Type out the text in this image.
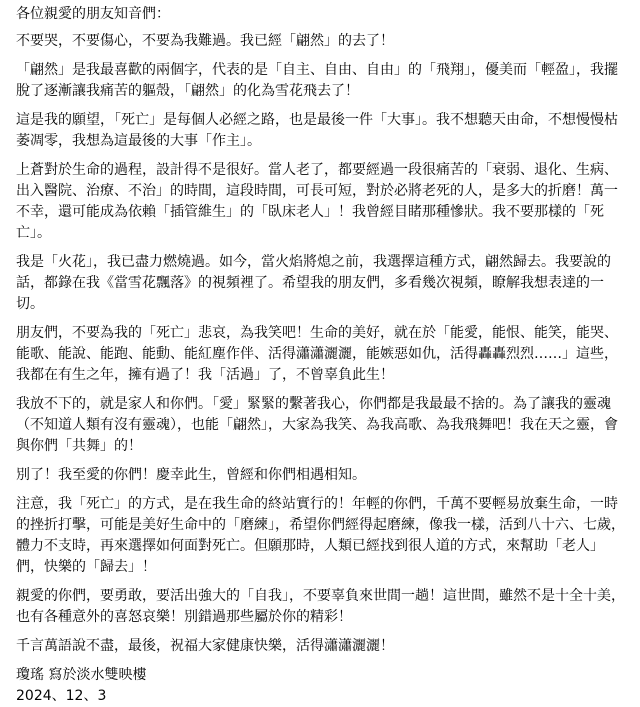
各位親愛的朋友知音們：

不要哭，不要傷心，不要為我難過。我已經「翩然」的去了！

「翩然」是我最喜歡的兩個字，代表的是「自主、自由、自由」的「飛翔」，優美而「輕盈」，我擺脫了逐漸讓我痛苦的軀殼，「翩然」的化為雪花飛去了！

這是我的願望，「死亡」是每個人必經之路，也是最後一件「大事」。我不想聽天由命，不想慢慢枯萎凋零，我想為這最後的大事「作主」。

上蒼對於生命的過程，設計得不是很好。當人老了，都要經過一段很痛苦的「衰弱、退化、生病、出入醫院、治療、不治」的時間，這段時間，可長可短，對於必將老死的人，是多大的折磨！萬一不幸，還可能成為依賴「插管維生」的「臥床老人」！我曾經目睹那種慘狀。我不要那樣的「死亡」。

我是「火花」，我已盡力燃燒過。如今，當火焰將熄之前，我選擇這種方式，翩然歸去。我要說的話，都錄在我《當雪花飄落》的視頻裡了。希望我的朋友們，多看幾次視頻，瞭解我想表達的一切。

朋友們，不要為我的「死亡」悲哀，為我笑吧！生命的美好，就在於「能愛，能恨、能笑，能哭、能歌、能說、能跑、能動、能紅塵作伴、活得瀟瀟灑灑，能嫉惡如仇，活得轟轟烈烈……」這些，我都在有生之年，擁有過了！我「活過」了，不曾辜負此生！

我放不下的，就是家人和你們。「愛」緊緊的繫著我心，你們都是我最最不捨的。為了讓我的靈魂（不知道人類有沒有靈魂），也能「翩然」，大家為我笑、為我高歌、為我飛舞吧！我在天之靈，會與你們「共舞」的！

別了！我至愛的你們！慶幸此生，曾經和你們相遇相知。

注意，我「死亡」的方式，是在我生命的終站實行的！年輕的你們，千萬不要輕易放棄生命，一時的挫折打擊，可能是美好生命中的「磨練」，希望你們經得起磨練，像我一樣，活到八十六、七歲，體力不支時，再來選擇如何面對死亡。但願那時，人類已經找到很人道的方式，來幫助「老人」們，快樂的「歸去」！

親愛的你們，要勇敢，要活出強大的「自我」，不要辜負來世間一趟！這世間，雖然不是十全十美，也有各種意外的喜怒哀樂！別錯過那些屬於你的精彩！

千言萬語說不盡，最後，祝福大家健康快樂，活得瀟瀟灑灑！

瓊瑤 寫於淡水雙映樓

2024、12、3
